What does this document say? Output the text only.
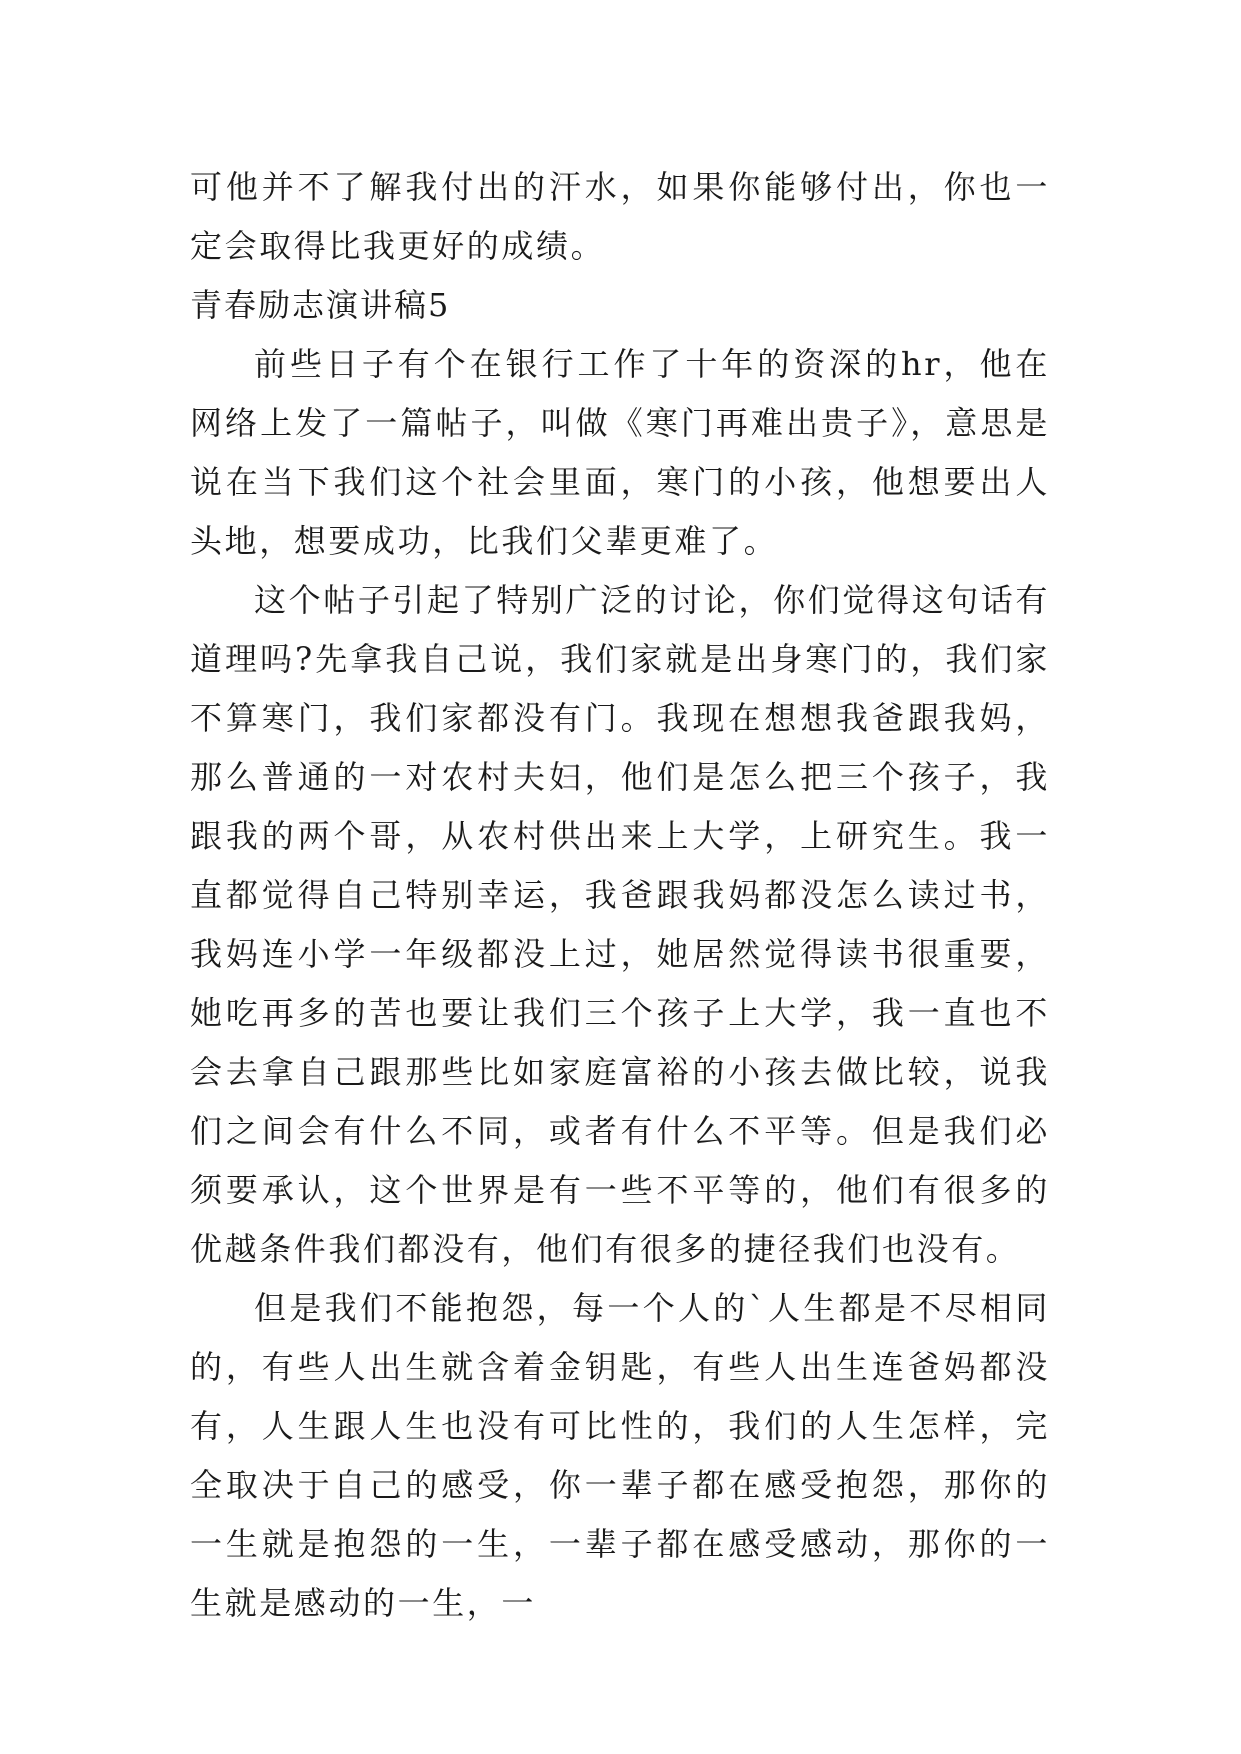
可他并不了解我付出的汗水，如果你能够付出，你也一定会取得比我更好的成绩。

青春励志演讲稿5

前些日子有个在银行工作了十年的资深的hr，他在网络上发了一篇帖子，叫做《寒门再难出贵子》，意思是说在当下我们这个社会里面，寒门的小孩，他想要出人头地，想要成功，比我们父辈更难了。

这个帖子引起了特别广泛的讨论，你们觉得这句话有道理吗?先拿我自己说，我们家就是出身寒门的，我们家不算寒门，我们家都没有门。我现在想想我爸跟我妈，那么普通的一对农村夫妇，他们是怎么把三个孩子，我跟我的两个哥，从农村供出来上大学，上研究生。我一直都觉得自己特别幸运，我爸跟我妈都没怎么读过书，我妈连小学一年级都没上过，她居然觉得读书很重要，她吃再多的苦也要让我们三个孩子上大学，我一直也不会去拿自己跟那些比如家庭富裕的小孩去做比较，说我们之间会有什么不同，或者有什么不平等。但是我们必须要承认，这个世界是有一些不平等的，他们有很多的优越条件我们都没有，他们有很多的捷径我们也没有。

但是我们不能抱怨，每一个人的`人生都是不尽相同的，有些人出生就含着金钥匙，有些人出生连爸妈都没有，人生跟人生也没有可比性的，我们的人生怎样，完全取决于自己的感受，你一辈子都在感受抱怨，那你的一生就是抱怨的一生，一辈子都在感受感动，那你的一生就是感动的一生，一
